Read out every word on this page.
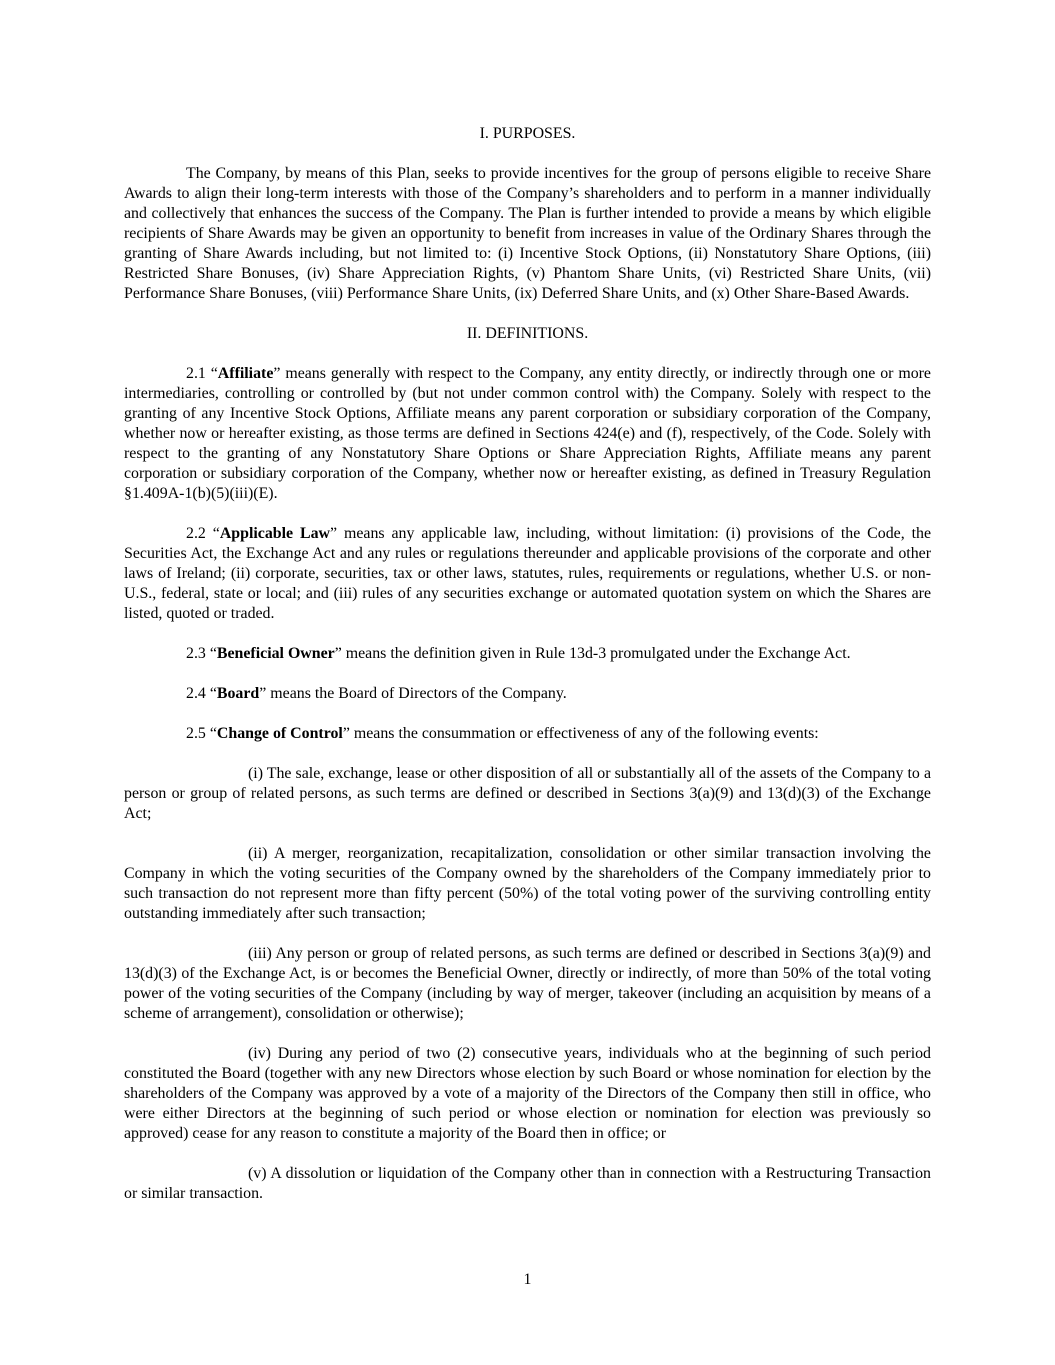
I. PURPOSES.

The Company, by means of this Plan, seeks to provide incentives for the group of persons eligible to receive Share Awards to align their long-term interests with those of the Company’s shareholders and to perform in a manner individually and collectively that enhances the success of the Company. The Plan is further intended to provide a means by which eligible recipients of Share Awards may be given an opportunity to benefit from increases in value of the Ordinary Shares through the granting of Share Awards including, but not limited to: (i) Incentive Stock Options, (ii) Nonstatutory Share Options, (iii) Restricted Share Bonuses, (iv) Share Appreciation Rights, (v) Phantom Share Units, (vi) Restricted Share Units, (vii) Performance Share Bonuses, (viii) Performance Share Units, (ix) Deferred Share Units, and (x) Other Share-Based Awards.

II. DEFINITIONS.

2.1 “Affiliate” means generally with respect to the Company, any entity directly, or indirectly through one or more intermediaries, controlling or controlled by (but not under common control with) the Company. Solely with respect to the granting of any Incentive Stock Options, Affiliate means any parent corporation or subsidiary corporation of the Company, whether now or hereafter existing, as those terms are defined in Sections 424(e) and (f), respectively, of the Code. Solely with respect to the granting of any Nonstatutory Share Options or Share Appreciation Rights, Affiliate means any parent corporation or subsidiary corporation of the Company, whether now or hereafter existing, as defined in Treasury Regulation §1.409A-1(b)(5)(iii)(E).

2.2 “Applicable Law” means any applicable law, including, without limitation: (i) provisions of the Code, the Securities Act, the Exchange Act and any rules or regulations thereunder and applicable provisions of the corporate and other laws of Ireland; (ii) corporate, securities, tax or other laws, statutes, rules, requirements or regulations, whether U.S. or non-U.S., federal, state or local; and (iii) rules of any securities exchange or automated quotation system on which the Shares are listed, quoted or traded.

2.3 “Beneficial Owner” means the definition given in Rule 13d-3 promulgated under the Exchange Act.

2.4 “Board” means the Board of Directors of the Company.

2.5 “Change of Control” means the consummation or effectiveness of any of the following events:

(i) The sale, exchange, lease or other disposition of all or substantially all of the assets of the Company to a person or group of related persons, as such terms are defined or described in Sections 3(a)(9) and 13(d)(3) of the Exchange Act;

(ii) A merger, reorganization, recapitalization, consolidation or other similar transaction involving the Company in which the voting securities of the Company owned by the shareholders of the Company immediately prior to such transaction do not represent more than fifty percent (50%) of the total voting power of the surviving controlling entity outstanding immediately after such transaction;

(iii) Any person or group of related persons, as such terms are defined or described in Sections 3(a)(9) and 13(d)(3) of the Exchange Act, is or becomes the Beneficial Owner, directly or indirectly, of more than 50% of the total voting power of the voting securities of the Company (including by way of merger, takeover (including an acquisition by means of a scheme of arrangement), consolidation or otherwise);

(iv) During any period of two (2) consecutive years, individuals who at the beginning of such period constituted the Board (together with any new Directors whose election by such Board or whose nomination for election by the shareholders of the Company was approved by a vote of a majority of the Directors of the Company then still in office, who were either Directors at the beginning of such period or whose election or nomination for election was previously so approved) cease for any reason to constitute a majority of the Board then in office; or

(v) A dissolution or liquidation of the Company other than in connection with a Restructuring Transaction or similar transaction.

1
